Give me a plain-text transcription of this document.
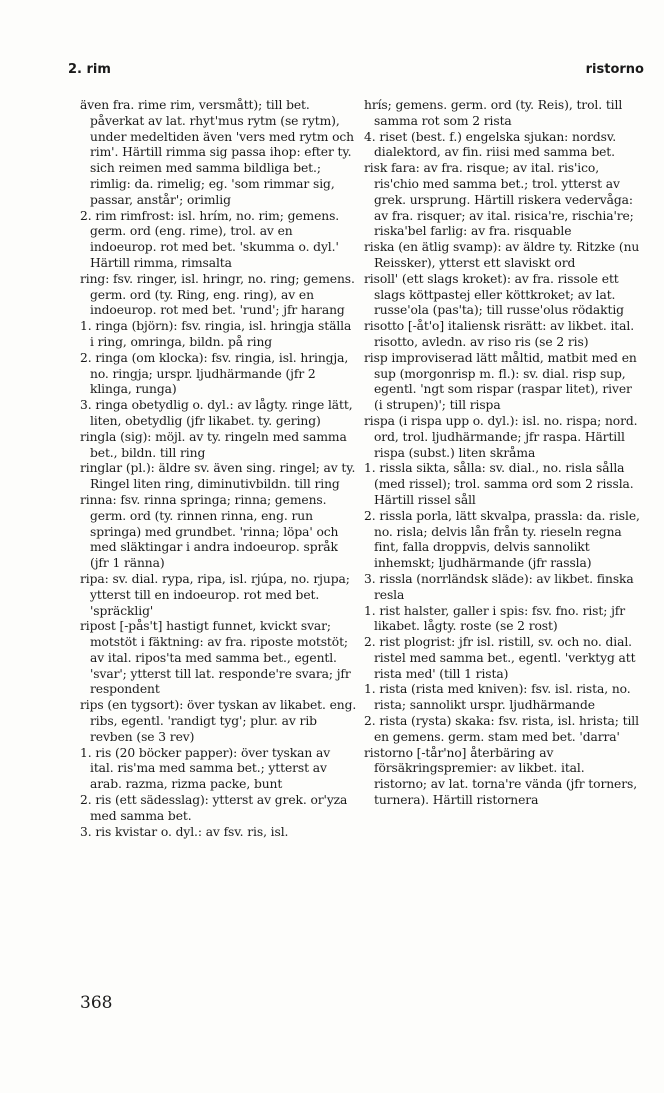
2. rim	ristorno

även fra. rime rim, versmått); till bet. påverkat av lat. rhyt'mus rytm (se rytm), under medeltiden även 'vers med rytm och rim'. Härtill rimma sig passa ihop: efter ty. sich reimen med samma bildliga bet.; rimlig: da. rimelig; eg. 'som rimmar sig, passar, anstår'; orimlig

2. rim rimfrost: isl. hrím, no. rim; gemens. germ. ord (eng. rime), trol. av en indoeurop. rot med bet. 'skumma o. dyl.' Härtill rimma, rimsalta

ring: fsv. ringer, isl. hringr, no. ring; gemens. germ. ord (ty. Ring, eng. ring), av en indoeurop. rot med bet. 'rund'; jfr harang

1. ringa (björn): fsv. ringia, isl. hringja ställa i ring, omringa, bildn. på ring

2. ringa (om klocka): fsv. ringia, isl. hringja, no. ringja; urspr. ljudhärmande (jfr 2 klinga, runga)

3. ringa obetydlig o. dyl.: av lågty. ringe lätt, liten, obetydlig (jfr likabet. ty. gering)

ringla (sig): möjl. av ty. ringeln med samma bet., bildn. till ring

ringlar (pl.): äldre sv. även sing. ringel; av ty. Ringel liten ring, diminutivbildn. till ring

rinna: fsv. rinna springa; rinna; gemens. germ. ord (ty. rinnen rinna, eng. run springa) med grundbet. 'rinna; löpa' och med släktingar i andra indoeurop. språk (jfr 1 ränna)

ripa: sv. dial. rypa, ripa, isl. rjúpa, no. rjupa; ytterst till en indoeurop. rot med bet. 'spräcklig'

ripost [-pås't] hastigt funnet, kvickt svar; motstöt i fäktning: av fra. riposte motstöt; av ital. ripos'ta med samma bet., egentl. 'svar'; ytterst till lat. responde're svara; jfr respondent

rips (en tygsort): över tyskan av likabet. eng. ribs, egentl. 'randigt tyg'; plur. av rib revben (se 3 rev)

1. ris (20 böcker papper): över tyskan av ital. ris'ma med samma bet.; ytterst av arab. razma, rizma packe, bunt

2. ris (ett sädesslag): ytterst av grek. or'yza med samma bet.

3. ris kvistar o. dyl.: av fsv. ris, isl.

hrís; gemens. germ. ord (ty. Reis), trol. till samma rot som 2 rista

4. riset (best. f.) engelska sjukan: nordsv. dialektord, av fin. riisi med samma bet.

risk fara: av fra. risque; av ital. ris'ico, ris'chio med samma bet.; trol. ytterst av grek. ursprung. Härtill riskera vedervåga: av fra. risquer; av ital. risica're, rischia're; riska'bel farlig: av fra. risquable

riska (en ätlig svamp): av äldre ty. Ritzke (nu Reissker), ytterst ett slaviskt ord

risoll' (ett slags kroket): av fra. rissole ett slags köttpastej eller köttkroket; av lat. russe'ola (pas'ta); till russe'olus rödaktig

risotto [-åt'o] italiensk risrätt: av likbet. ital. risotto, avledn. av riso ris (se 2 ris)

risp improviserad lätt måltid, matbit med en sup (morgonrisp m. fl.): sv. dial. risp sup, egentl. 'ngt som rispar (raspar litet), river (i strupen)'; till rispa

rispa (i rispa upp o. dyl.): isl. no. rispa; nord. ord, trol. ljudhärmande; jfr raspa. Härtill rispa (subst.) liten skråma

1. rissla sikta, sålla: sv. dial., no. risla sålla (med rissel); trol. samma ord som 2 rissla. Härtill rissel såll

2. rissla porla, lätt skvalpa, prassla: da. risle, no. risla; delvis lån från ty. rieseln regna fint, falla droppvis, delvis sannolikt inhemskt; ljudhärmande (jfr rassla)

3. rissla (norrländsk släde): av likbet. finska resla

1. rist halster, galler i spis: fsv. fno. rist; jfr likabet. lågty. roste (se 2 rost)

2. rist plogrist: jfr isl. ristill, sv. och no. dial. ristel med samma bet., egentl. 'verktyg att rista med' (till 1 rista)

1. rista (rista med kniven): fsv. isl. rista, no. rista; sannolikt urspr. ljudhärmande

2. rista (rysta) skaka: fsv. rista, isl. hrista; till en gemens. germ. stam med bet. 'darra'

ristorno [-tår'no] återbäring av försäkringspremier: av likbet. ital. ristorno; av lat. torna're vända (jfr torners, turnera). Härtill ristornera

368
